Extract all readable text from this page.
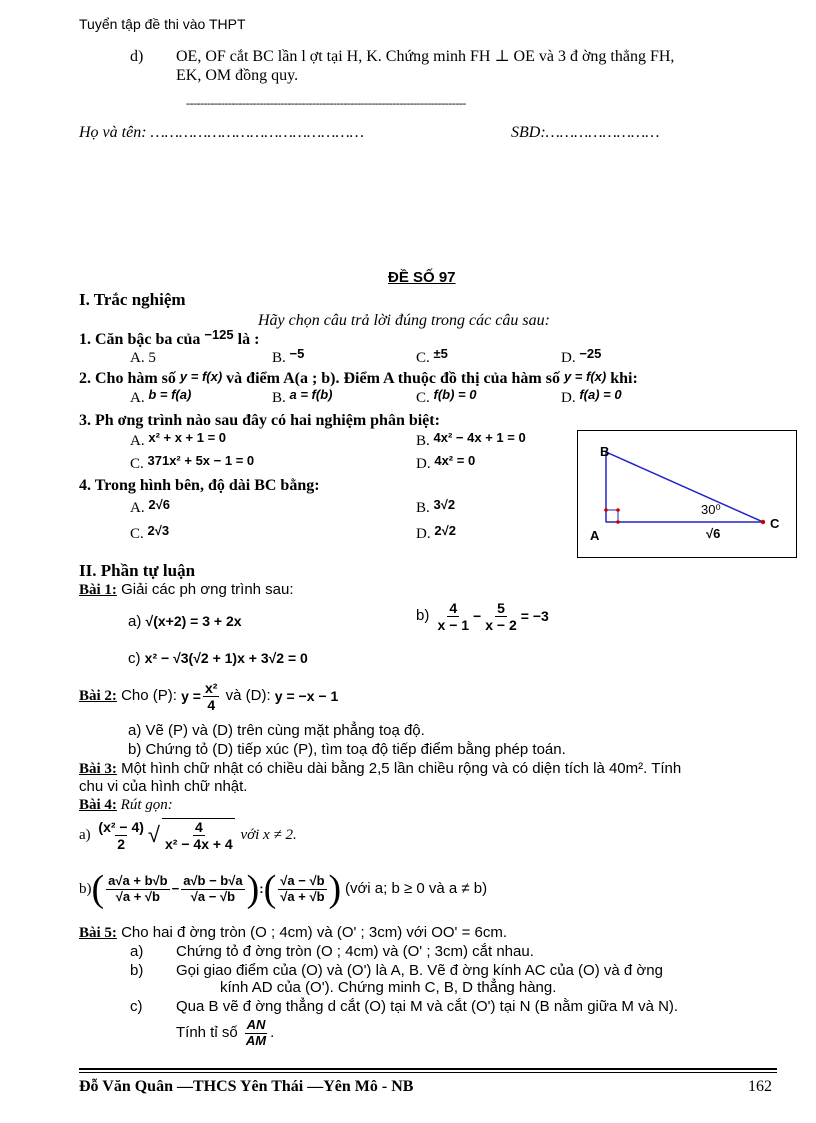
Tuyển tập đề thi vào THPT
d) OE, OF cắt BC lần l ợt tại H, K. Chứng minh FH ⊥ OE và 3 đ ờng thẳng FH,
EK, OM đồng quy.
--------------------------------------------------------------------------------
Họ và tên: ………………………………………	SBD:……………………
ĐỀ SỐ 97
I. Trắc nghiệm
Hãy chọn câu trả lời đúng trong các câu sau:
1. Căn bậc ba của $^{-125}$ là :
A. 5	B. −5	C. ±5	D. −25
2. Cho hàm số y = f(x) và điểm A(a ; b). Điểm A thuộc đồ thị của hàm số y = f(x) khi:
A. b = f(a)	B. a = f(b)	C. f(b) = 0	D. f(a) = 0
3. Ph ơng trình nào sau đây có hai nghiệm phân biệt:
A. x² + x + 1 = 0	B. 4x² − 4x + 1 = 0
C. 371x² + 5x − 1 = 0	D. 4x² = 0
4. Trong hình bên, độ dài BC bằng:
A. 2√6	B. 3√2
C. 2√3	D. 2√2
B
A
C
30⁰
√6
II. Phần tự luận
Bài 1: Giải các ph ơng trình sau:
a) √(x+2) = 3 + 2x	b)
$\frac{4}{x - 1} - \frac{5}{x - 2} = -3$
c) x² − √3(√2 + 1)x + 3√2 = 0
Bài 2:
Cho (P):
$y = \frac{\text{x²}}{4}$
và (D):
y = −x − 1
a) Vẽ (P) và (D) trên cùng mặt phẳng toạ độ.
b) Chứng tỏ (D) tiếp xúc (P), tìm toạ độ tiếp điểm bằng phép toán.
Bài 3: Một hình chữ nhật có chiều dài bằng 2,5 lần chiều rộng và có diện tích là 40m². Tính
chu vi của hình chữ nhật.
Bài 4: Rút gọn:
a)
$\frac{\text{(x² − 4)}}{2}$ √ $\frac{4}{\text{x² − 4x + 4}}$
với x ≠ 2.
b) ( $\frac{a√a + b√b}{√a + √b} - \frac{a√b - b√a}{√a - √b}$ ) : ( $\frac{√a - √b}{√a + √b}$ )
(với a; b ≥ 0 và a ≠ b)
Bài 5: Cho hai đ ờng tròn (O ; 4cm) và (O' ; 3cm) với OO' = 6cm.
a) Chứng tỏ đ ờng tròn (O ; 4cm) và (O' ; 3cm) cắt nhau.
b) Gọi giao điểm của (O) và (O') là A, B. Vẽ đ ờng kính AC của (O) và đ ờng
kính AD của (O'). Chứng minh C, B, D thẳng hàng.
c) Qua B vẽ đ ờng thẳng d cắt (O) tại M và cắt (O') tại N (B nằm giữa M và N).
Tính tỉ số
$\frac{AN}{AM}$ .
Đỗ Văn Quân —THCS Yên Thái —Yên Mô - NB	162
